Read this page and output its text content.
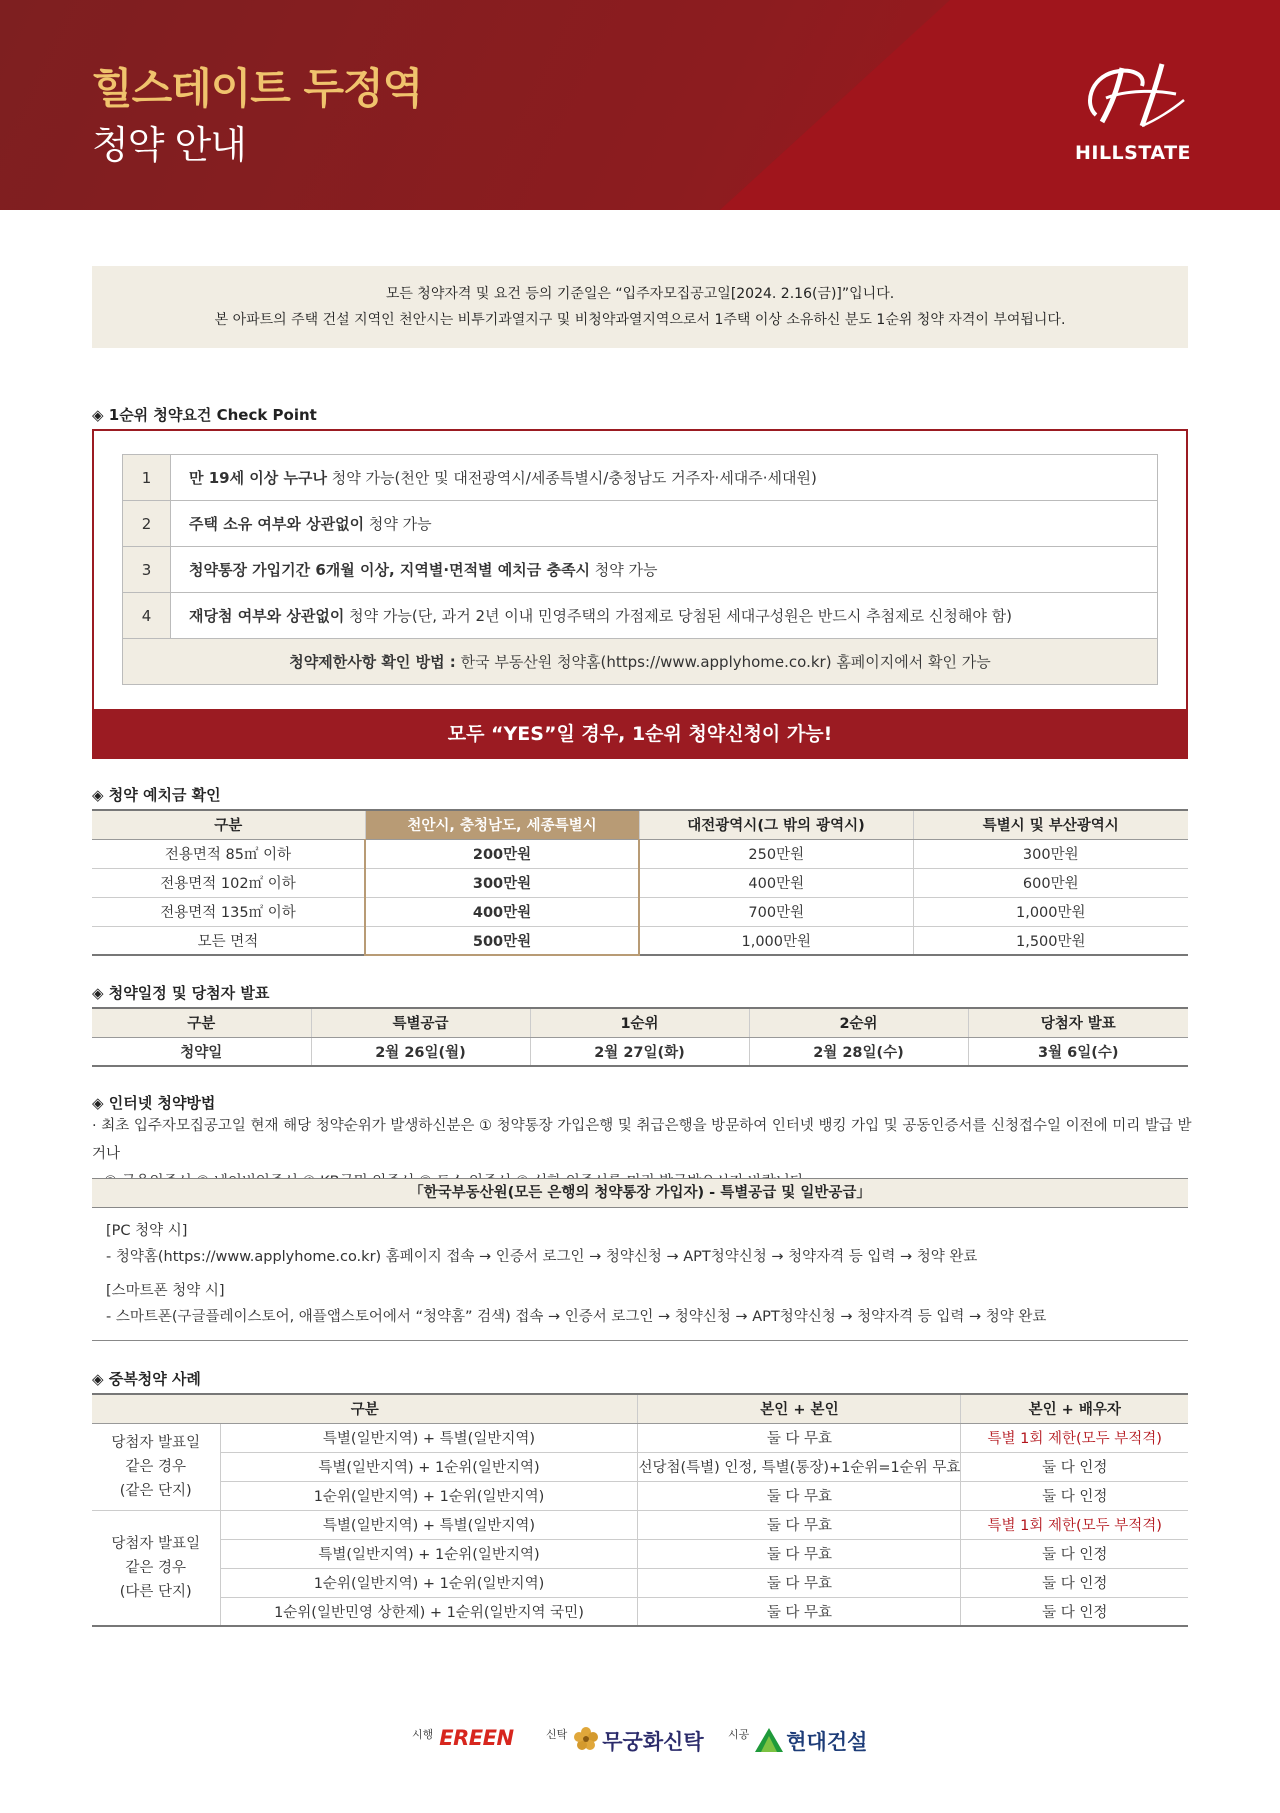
힐스테이트 두정역
청약 안내	HILLSTATE
모든 청약자격 및 요건 등의 기준일은 “입주자모집공고일[2024. 2.16(금)]”입니다.
본 아파트의 주택 건설 지역인 천안시는 비투기과열지구 및 비청약과열지역으로서 1주택 이상 소유하신 분도 1순위 청약 자격이 부여됩니다.
◈ 1순위 청약요건 Check Point
1	만 19세 이상 누구나 청약 가능(천안 및 대전광역시/세종특별시/충청남도 거주자·세대주·세대원)
2	주택 소유 여부와 상관없이 청약 가능
3	청약통장 가입기간 6개월 이상, 지역별·면적별 예치금 충족시 청약 가능
4	재당첨 여부와 상관없이 청약 가능(단, 과거 2년 이내 민영주택의 가점제로 당첨된 세대구성원은 반드시 추첨제로 신청해야 함)
청약제한사항 확인 방법 : 한국 부동산원 청약홈(https://www.applyhome.co.kr) 홈페이지에서 확인 가능	
모두 “YES”일 경우, 1순위 청약신청이 가능!
◈ 청약 예치금 확인
구분	천안시, 충청남도, 세종특별시	대전광역시(그 밖의 광역시)	특별시 및 부산광역시
전용면적 85㎡ 이하	200만원	250만원	300만원
전용면적 102㎡ 이하	300만원	400만원	600만원
전용면적 135㎡ 이하	400만원	700만원	1,000만원
모든 면적	500만원	1,000만원	1,500만원
◈ 청약일정 및 당첨자 발표
구분	특별공급	1순위	2순위	당첨자 발표
청약일	2월 26일(월)	2월 27일(화)	2월 28일(수)	3월 6일(수)
◈ 인터넷 청약방법
· 최초 입주자모집공고일 현재 해당 청약순위가 발생하신분은 ① 청약통장 가입은행 및 취급은행을 방문하여 인터넷 뱅킹 가입 및 공동인증서를 신청접수일 이전에 미리 발급 받거나
「한국부동산원(모든 은행의 청약통장 가입자) - 특별공급 및 일반공급」
[PC 청약 시]
- 청약홈(https://www.applyhome.co.kr) 홈페이지 접속 → 인증서 로그인 → 청약신청 → APT청약신청 → 청약자격 등 입력 → 청약 완료
[스마트폰 청약 시]
- 스마트폰(구글플레이스토어, 애플앱스토어에서 “청약홈” 검색) 접속 → 인증서 로그인 → 청약신청 → APT청약신청 → 청약자격 등 입력 → 청약 완료
◈ 중복청약 사례
구분		본인 + 본인	본인 + 배우자

당첨자 발표일
같은 경우
(같은 단지)	특별(일반지역) + 특별(일반지역)	둘 다 무효	특별 1회 제한(모두 부적격)
	특별(일반지역) + 1순위(일반지역)	선당첨(특별) 인정, 특별(통장)+1순위=1순위 무효	둘 다 인정
	1순위(일반지역) + 1순위(일반지역)	둘 다 무효	둘 다 인정

당첨자 발표일
같은 경우
(다른 단지)	특별(일반지역) + 특별(일반지역)	둘 다 무효	특별 1회 제한(모두 부적격)
	특별(일반지역) + 1순위(일반지역)	둘 다 무효	둘 다 인정
	1순위(일반지역) + 1순위(일반지역)	둘 다 무효	둘 다 인정
	1순위(일반민영 상한제) + 1순위(일반지역 국민)	둘 다 무효	둘 다 인정
시행 EREEN	신탁 무궁화신탁 시공 현대건설
